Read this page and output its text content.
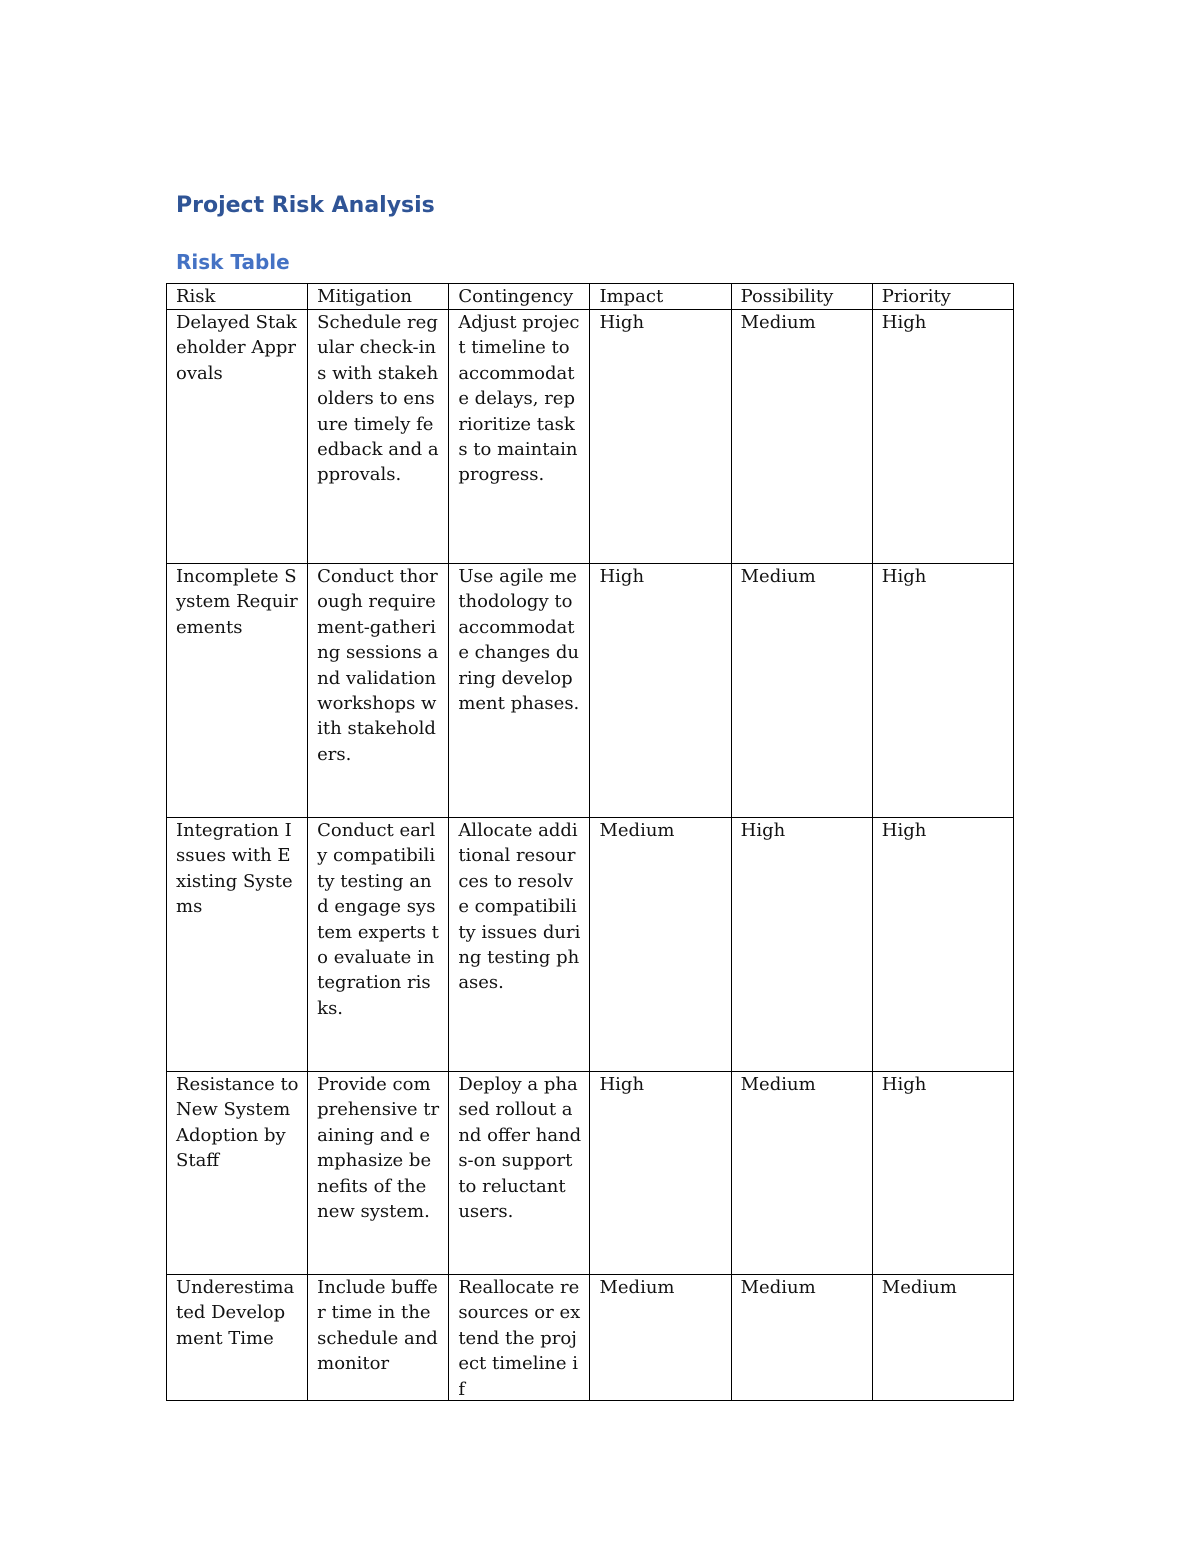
Project Risk Analysis
Risk Table
Risk	Mitigation	Contingency	Impact	Possibility	Priority
Delayed Stakeholder Approvals	Schedule regular check-ins with stakeholders to ensure timely feedback and approvals.	Adjust project timeline to accommodate delays, reprioritize tasks to maintain progress.	High	Medium	High
Incomplete System Requirements	Conduct thorough requirement-gathering sessions and validation workshops with stakeholders.	Use agile methodology to accommodate changes during development phases.	High	Medium	High
Integration Issues with Existing Systems	Conduct early compatibility testing and engage system experts to evaluate integration risks.	Allocate additional resources to resolve compatibility issues during testing phases.	Medium	High	High
Resistance to New System Adoption by Staff	Provide comprehensive training and emphasize benefits of the new system.	Deploy a phased rollout and offer hands-on support to reluctant users.	High	Medium	High

Underestimated Development Time	Include buffer time in the schedule and monitor	Reallocate resources or extend the project timeline if	Medium	Medium	Medium
